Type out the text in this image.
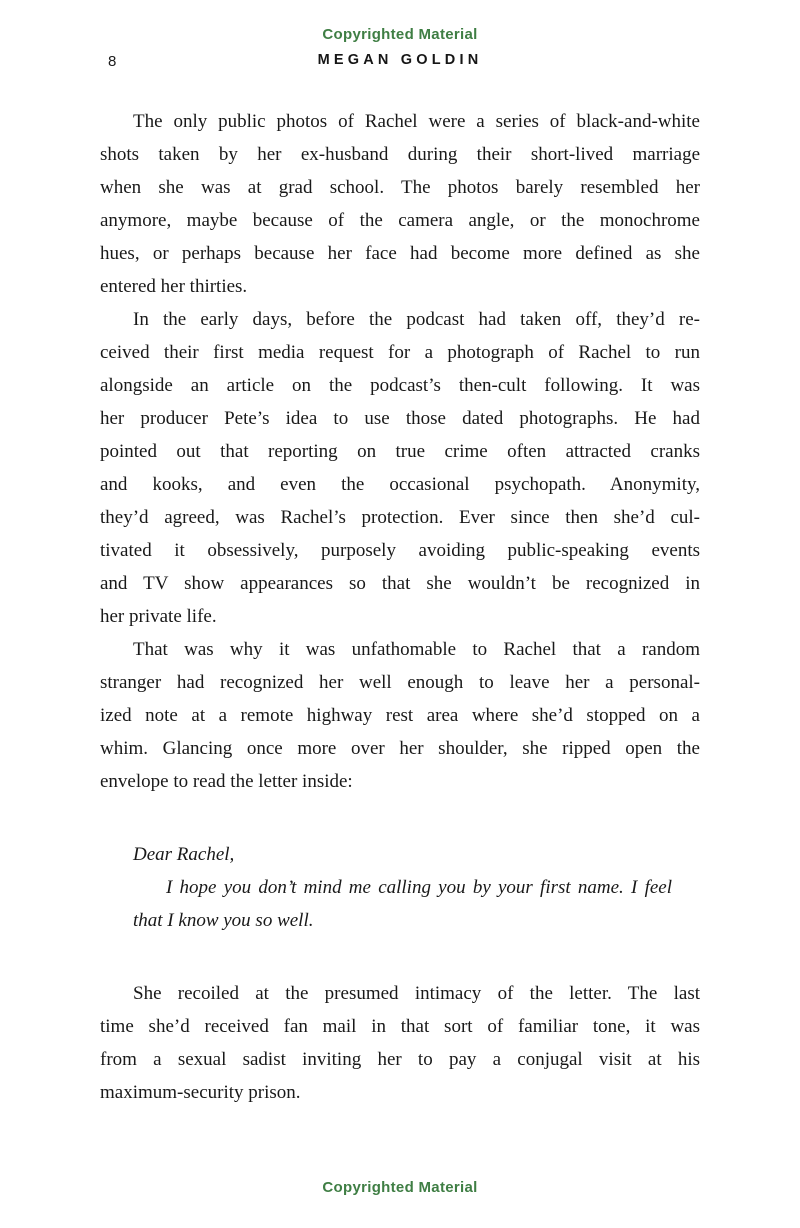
Copyrighted Material
8	MEGAN GOLDIN
The only public photos of Rachel were a series of black-and-white
shots taken by her ex-husband during their short-lived marriage
when she was at grad school. The photos barely resembled her
anymore, maybe because of the camera angle, or the monochrome
hues, or perhaps because her face had become more defined as she
entered her thirties.
In the early days, before the podcast had taken off, they’d re-
ceived their first media request for a photograph of Rachel to run
alongside an article on the podcast’s then-cult following. It was
her producer Pete’s idea to use those dated photographs. He had
pointed out that reporting on true crime often attracted cranks
and kooks, and even the occasional psychopath. Anonymity,
they’d agreed, was Rachel’s protection. Ever since then she’d cul-
tivated it obsessively, purposely avoiding public-speaking events
and TV show appearances so that she wouldn’t be recognized in
her private life.
That was why it was unfathomable to Rachel that a random
stranger had recognized her well enough to leave her a personal-
ized note at a remote highway rest area where she’d stopped on a
whim. Glancing once more over her shoulder, she ripped open the
envelope to read the letter inside:
Dear Rachel,
I hope you don’t mind me calling you by your first name. I feel
that I know you so well.
She recoiled at the presumed intimacy of the letter. The last
time she’d received fan mail in that sort of familiar tone, it was
from a sexual sadist inviting her to pay a conjugal visit at his
maximum-security prison.
Copyrighted Material
